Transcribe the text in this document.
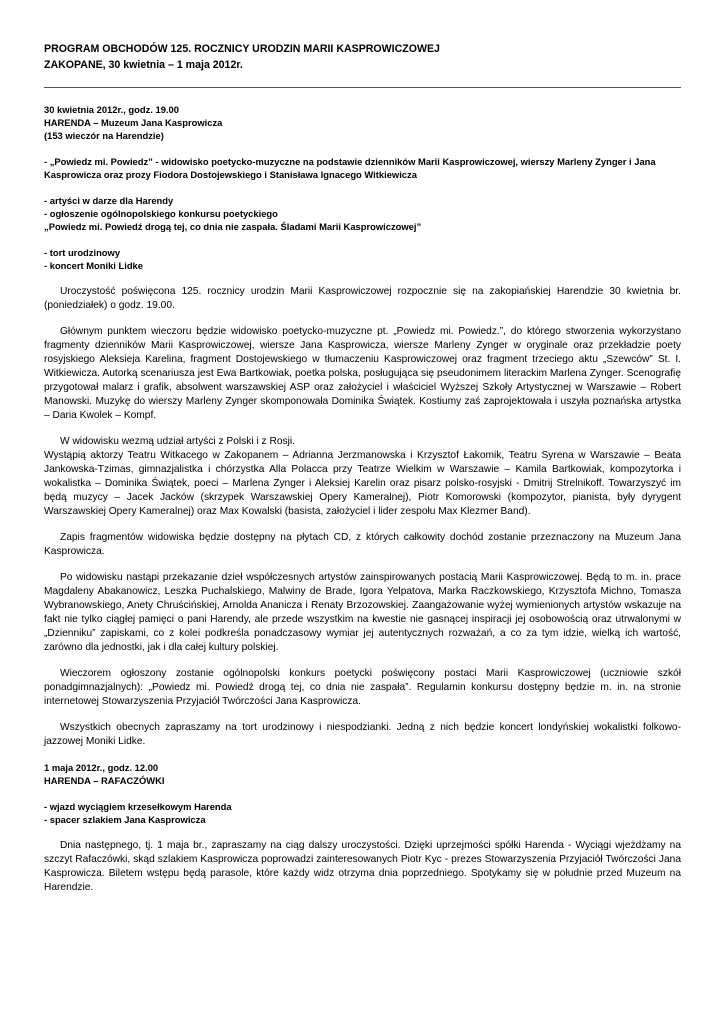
PROGRAM OBCHODÓW 125. ROCZNICY URODZIN MARII KASPROWICZOWEJ
ZAKOPANE, 30 kwietnia – 1 maja 2012r.
30 kwietnia 2012r., godz. 19.00
HARENDA – Muzeum Jana Kasprowicza
(153 wieczór na Harendzie)
- „Powiedz mi. Powiedz” - widowisko poetycko-muzyczne na podstawie dzienników Marii Kasprowiczowej, wierszy Marleny Zynger i Jana Kasprowicza oraz prozy Fiodora Dostojewskiego i Stanisława Ignacego Witkiewicza
- artyści w darze dla Harendy
- ogłoszenie ogólnopolskiego konkursu poetyckiego
„Powiedz mi. Powiedź drogą tej, co dnia nie zaspała. Śladami Marii Kasprowiczowej”
- tort urodzinowy
- koncert Moniki Lidke

Uroczystość poświęcona 125. rocznicy urodzin Marii Kasprowiczowej rozpocznie się na zakopiańskiej Harendzie 30 kwietnia br. (poniedziałek) o godz. 19.00.

Głównym punktem wieczoru będzie widowisko poetycko-muzyczne pt. „Powiedz mi. Powiedz.”, do którego stworzenia wykorzystano fragmenty dzienników Marii Kasprowiczowej, wiersze Jana Kasprowicza, wiersze Marleny Zynger w oryginale oraz przekładzie poety rosyjskiego Aleksieja Karelina, fragment Dostojewskiego w tłumaczeniu Kasprowiczowej oraz fragment trzeciego aktu „Szewców” St. I. Witkiewicza. Autorką scenariusza jest Ewa Bartkowiak, poetka polska, posługująca się pseudonimem literackim Marlena Zynger. Scenografię przygotował malarz i grafik, absolwent warszawskiej ASP oraz założyciel i właściciel Wyższej Szkoły Artystycznej w Warszawie – Robert Manowski. Muzykę do wierszy Marleny Zynger skomponowała Dominika Świątek. Kostiumy zaś zaprojektowała i uszyła poznańska artystka – Daria Kwolek – Kompf.

W widowisku wezmą udział artyści z Polski i z Rosji.
Wystąpią aktorzy Teatru Witkacego w Zakopanem – Adrianna Jerzmanowska i Krzysztof Łakomik, Teatru Syrena w Warszawie – Beata Jankowska-Tzimas, gimnazjalistka i chórzystka Alla Polacca przy Teatrze Wielkim w Warszawie – Kamila Bartkowiak, kompozytorka i wokalistka – Dominika Świątek, poeci – Marlena Zynger i Aleksiej Karelin oraz pisarz polsko-rosyjski - Dmitrij Strelnikoff. Towarzyszyć im będą muzycy – Jacek Jacków (skrzypek Warszawskiej Opery Kameralnej), Piotr Komorowski (kompozytor, pianista, były dyrygent Warszawskiej Opery Kameralnej) oraz Max Kowalski (basista, założyciel i lider zespołu Max Klezmer Band).

Zapis fragmentów widowiska będzie dostępny na płytach CD, z których całkowity dochód zostanie przeznaczony na Muzeum Jana Kasprowicza.

Po widowisku nastąpi przekazanie dzieł współczesnych artystów zainspirowanych postacią Marii Kasprowiczowej. Będą to m. in. prace Magdaleny Abakanowicz, Leszka Puchalskiego, Malwiny de Brade, Igora Yelpatova, Marka Raczkowskiego, Krzysztofa Michno, Tomasza Wybranowskiego, Anety Chruścińskiej, Arnolda Ananicza i Renaty Brzozowskiej. Zaangażowanie wyżej wymienionych artystów wskazuje na fakt nie tylko ciągłej pamięci o pani Harendy, ale przede wszystkim na kwestie nie gasnącej inspiracji jej osobowością oraz utrwalonymi w „Dzienniku” zapiskami, co z kolei podkreśla ponadczasowy wymiar jej autentycznych rozważań, a co za tym idzie, wielką ich wartość, zarówno dla jednostki, jak i dla całej kultury polskiej.

Wieczorem ogłoszony zostanie ogólnopolski konkurs poetycki poświęcony postaci Marii Kasprowiczowej (uczniowie szkół ponadgimnazjalnych): „Powiedz mi. Powiedź drogą tej, co dnia nie zaspała”. Regulamin konkursu dostępny będzie m. in. na stronie internetowej Stowarzyszenia Przyjaciół Twórczości Jana Kasprowicza.

Wszystkich obecnych zapraszamy na tort urodzinowy i niespodzianki. Jedną z nich będzie koncert londyńskiej wokalistki folkowo-jazzowej Moniki Lidke.

1 maja 2012r., godz. 12.00
HARENDA – RAFACZÓWKI
- wjazd wyciągiem krzesełkowym Harenda
- spacer szlakiem Jana Kasprowicza

Dnia następnego, tj. 1 maja br., zapraszamy na ciąg dalszy uroczystości. Dzięki uprzejmości spółki Harenda - Wyciągi wjeżdżamy na szczyt Rafaczówki, skąd szlakiem Kasprowicza poprowadzi zainteresowanych Piotr Kyc - prezes Stowarzyszenia Przyjaciół Twórczości Jana Kasprowicza. Biletem wstępu będą parasole, które każdy widz otrzyma dnia poprzedniego. Spotykamy się w południe przed Muzeum na Harendzie.
